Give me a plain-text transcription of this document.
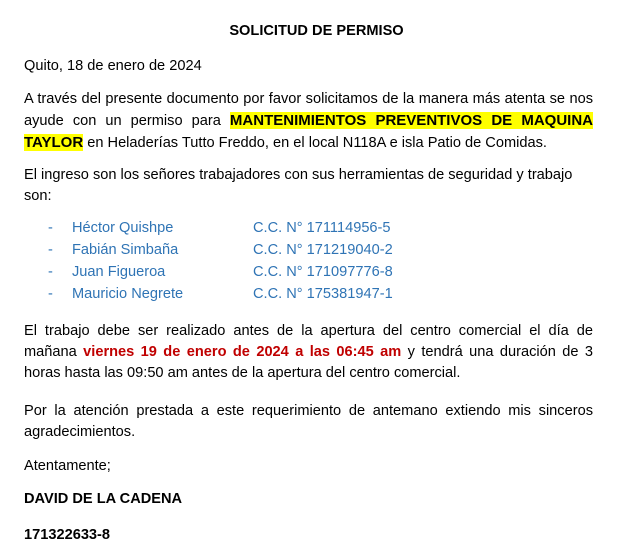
SOLICITUD DE PERMISO

Quito, 18 de enero de 2024

A través del presente documento por favor solicitamos de la manera más atenta se nos ayude con un permiso para MANTENIMIENTOS PREVENTIVOS DE MAQUINA TAYLOR en Heladerías Tutto Freddo, en el local N118A e isla Patio de Comidas.

El ingreso son los señores trabajadores con sus herramientas de seguridad y trabajo son:

-	Héctor Quishpe	C.C. N° 171114956-5
-	Fabián Simbaña	C.C. N° 171219040-2
-	Juan Figueroa	C.C. N° 171097776-8
-	Mauricio Negrete	C.C. N° 175381947-1

El trabajo debe ser realizado antes de la apertura del centro comercial el día de mañana viernes 19 de enero de 2024 a las 06:45 am y tendrá una duración de 3 horas hasta las 09:50 am antes de la apertura del centro comercial.

Por la atención prestada a este requerimiento de antemano extiendo mis sinceros agradecimientos.

Atentamente;

DAVID DE LA CADENA

171322633-8
